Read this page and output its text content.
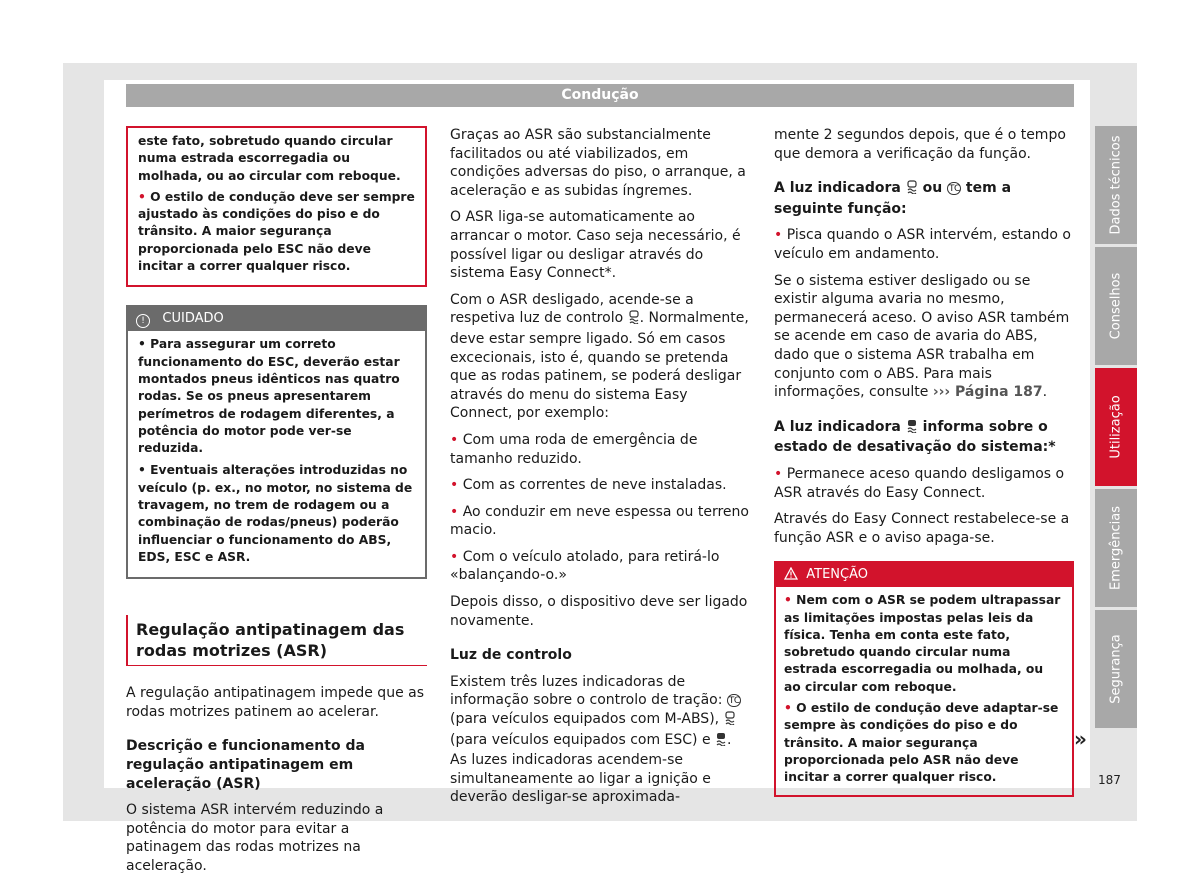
Condução
este fato, sobretudo quando circular numa estrada escorregadia ou molhada, ou ao circular com reboque.
• O estilo de condução deve ser sempre ajustado às condições do piso e do trânsito. A maior segurança proporcionada pelo ESC não deve incitar a correr qualquer risco.
! CUIDADO
• Para assegurar um correto funcionamento do ESC, deverão estar montados pneus idênticos nas quatro rodas. Se os pneus apresentarem perímetros de rodagem diferentes, a potência do motor pode ver-se reduzida.
• Eventuais alterações introduzidas no veículo (p. ex., no motor, no sistema de travagem, no trem de rodagem ou a combinação de rodas/pneus) poderão influenciar o funcionamento do ABS, EDS, ESC e ASR.
Regulação antipatinagem das rodas motrizes (ASR)

A regulação antipatinagem impede que as rodas motrizes patinem ao acelerar.

Descrição e funcionamento da regulação antipatinagem em aceleração (ASR)

O sistema ASR intervém reduzindo a potência do motor para evitar a patinagem das rodas motrizes na aceleração.

Graças ao ASR são substancialmente facilitados ou até viabilizados, em condições adversas do piso, o arranque, a aceleração e as subidas íngremes.

O ASR liga-se automaticamente ao arrancar o motor. Caso seja necessário, é possível ligar ou desligar através do sistema Easy Connect*.

Com o ASR desligado, acende-se a respetiva luz de controlo . Normalmente, deve estar sempre ligado. Só em casos excecionais, isto é, quando se pretenda que as rodas patinem, se poderá desligar através do menu do sistema Easy Connect, por exemplo:

• Com uma roda de emergência de tamanho reduzido.

• Com as correntes de neve instaladas.

• Ao conduzir em neve espessa ou terreno macio.

• Com o veículo atolado, para retirá-lo «balançando-o.»

Depois disso, o dispositivo deve ser ligado novamente.

Luz de controlo

Existem três luzes indicadoras de informação sobre o controlo de tração: TC (para veículos equipados com M-ABS),  (para veículos equipados com ESC) e . As luzes indicadoras acendem-se simultaneamente ao ligar a ignição e deverão desligar-se aproximada-

mente 2 segundos depois, que é o tempo que demora a verificação da função.

A luz indicadora ou TC tem a seguinte função:

• Pisca quando o ASR intervém, estando o veículo em andamento.

Se o sistema estiver desligado ou se existir alguma avaria no mesmo, permanecerá aceso. O aviso ASR também se acende em caso de avaria do ABS, dado que o sistema ASR trabalha em conjunto com o ABS. Para mais informações, consulte ››› Página 187.

A luz indicadora informa sobre o estado de desativação do sistema:*

• Permanece aceso quando desligamos o ASR através do Easy Connect.

Através do Easy Connect restabelece-se a função ASR e o aviso apaga-se.

ATENÇÃO
• Nem com o ASR se podem ultrapassar as limitações impostas pelas leis da física. Tenha em conta este fato, sobretudo quando circular numa estrada escorregadia ou molhada, ou ao circular com reboque.
• O estilo de condução deve adaptar-se sempre às condições do piso e do trânsito. A maior segurança proporcionada pelo ASR não deve incitar a correr qualquer risco.
Dados técnicos
Conselhos
Utilização
Emergências
Segurança
»
187
